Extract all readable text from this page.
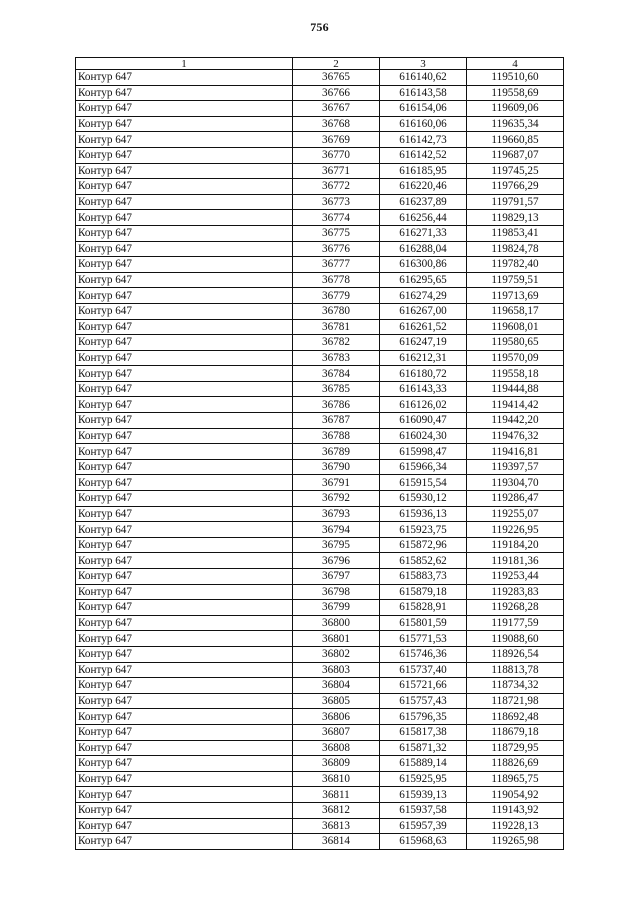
756
1	2	3	4
Контур 647	36765	616140,62	119510,60
Контур 647	36766	616143,58	119558,69
Контур 647	36767	616154,06	119609,06
Контур 647	36768	616160,06	119635,34
Контур 647	36769	616142,73	119660,85
Контур 647	36770	616142,52	119687,07
Контур 647	36771	616185,95	119745,25
Контур 647	36772	616220,46	119766,29
Контур 647	36773	616237,89	119791,57
Контур 647	36774	616256,44	119829,13
Контур 647	36775	616271,33	119853,41
Контур 647	36776	616288,04	119824,78
Контур 647	36777	616300,86	119782,40
Контур 647	36778	616295,65	119759,51
Контур 647	36779	616274,29	119713,69
Контур 647	36780	616267,00	119658,17
Контур 647	36781	616261,52	119608,01
Контур 647	36782	616247,19	119580,65
Контур 647	36783	616212,31	119570,09
Контур 647	36784	616180,72	119558,18
Контур 647	36785	616143,33	119444,88
Контур 647	36786	616126,02	119414,42
Контур 647	36787	616090,47	119442,20
Контур 647	36788	616024,30	119476,32
Контур 647	36789	615998,47	119416,81
Контур 647	36790	615966,34	119397,57
Контур 647	36791	615915,54	119304,70
Контур 647	36792	615930,12	119286,47
Контур 647	36793	615936,13	119255,07
Контур 647	36794	615923,75	119226,95
Контур 647	36795	615872,96	119184,20
Контур 647	36796	615852,62	119181,36
Контур 647	36797	615883,73	119253,44
Контур 647	36798	615879,18	119283,83
Контур 647	36799	615828,91	119268,28
Контур 647	36800	615801,59	119177,59
Контур 647	36801	615771,53	119088,60
Контур 647	36802	615746,36	118926,54
Контур 647	36803	615737,40	118813,78
Контур 647	36804	615721,66	118734,32
Контур 647	36805	615757,43	118721,98
Контур 647	36806	615796,35	118692,48
Контур 647	36807	615817,38	118679,18
Контур 647	36808	615871,32	118729,95
Контур 647	36809	615889,14	118826,69
Контур 647	36810	615925,95	118965,75
Контур 647	36811	615939,13	119054,92
Контур 647	36812	615937,58	119143,92
Контур 647	36813	615957,39	119228,13
Контур 647	36814	615968,63	119265,98
